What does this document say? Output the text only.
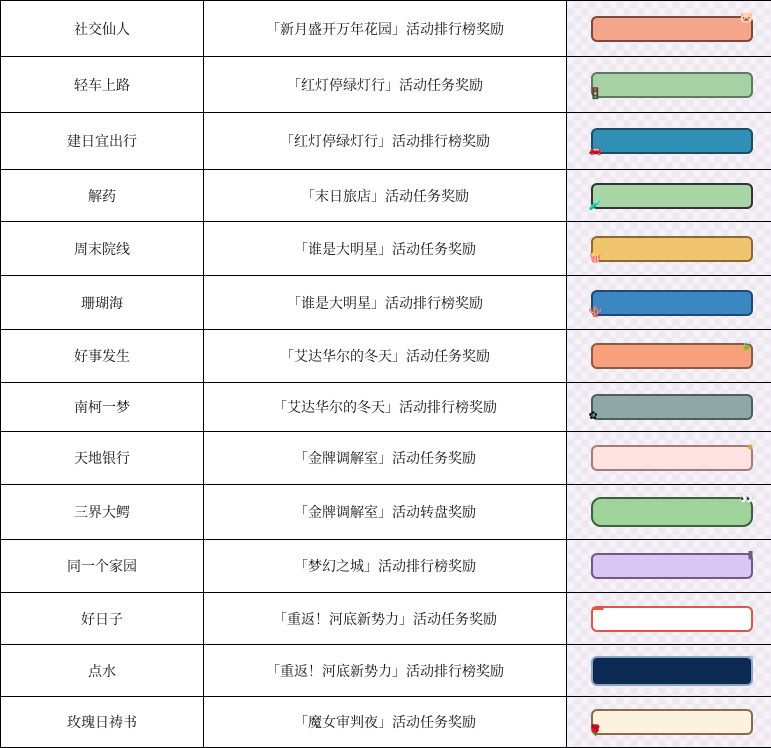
社交仙人	「新月盛开万年花园」活动排行榜奖励	🐷

轻车上路	「红灯停绿灯行」活动任务奖励	🚦

建日宜出行	「红灯停绿灯行」活动排行榜奖励	🚗

解药	「末日旅店」活动任务奖励	🧪

周末院线	「谁是大明星」活动任务奖励	🍿

珊瑚海	「谁是大明星」活动排行榜奖励	🪸

好事发生	「艾达华尔的冬天」活动任务奖励	🍃

南柯一梦	「艾达华尔的冬天」活动排行榜奖励	✿

天地银行	「金牌调解室」活动任务奖励	●

三界大鳄	「金牌调解室」活动转盘奖励	👀

同一个家园	「梦幻之城」活动排行榜奖励	▮

好日子	「重返！河底新势力」活动任务奖励	▬

点水	「重返！河底新势力」活动排行榜奖励	≈

玫瑰日祷书	「魔女审判夜」活动任务奖励	🌹
